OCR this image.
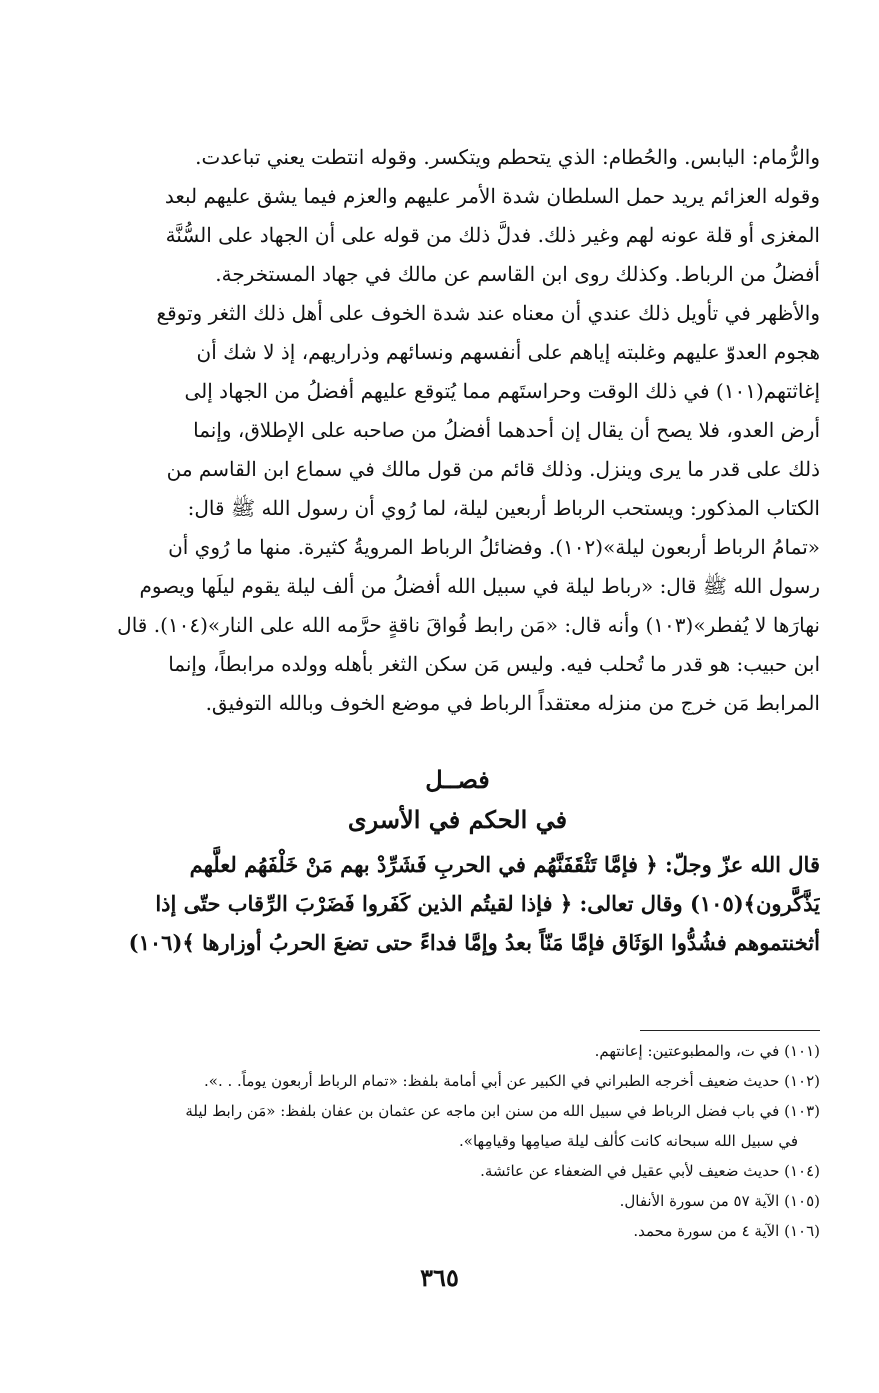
والرُّمام: اليابس. والحُطام: الذي يتحطم ويتكسر. وقوله انتطت يعني تباعدت.
وقوله العزائم يريد حمل السلطان شدة الأمر عليهم والعزم فيما يشق عليهم لبعد
المغزى أو قلة عونه لهم وغير ذلك. فدلَّ ذلك من قوله على أن الجهاد على السُّنَّة
أفضلُ من الرباط. وكذلك روى ابن القاسم عن مالك في جهاد المستخرجة.
والأظهر في تأويل ذلك عندي أن معناه عند شدة الخوف على أهل ذلك الثغر وتوقع
هجوم العدوّ عليهم وغلبته إياهم على أنفسهم ونسائهم وذراريهم، إذ لا شك أن
إغاثتهم(١٠١) في ذلك الوقت وحراستَهم مما يُتوقع عليهم أفضلُ من الجهاد إلى
أرض العدو، فلا يصح أن يقال إن أحدهما أفضلُ من صاحبه على الإطلاق، وإنما
ذلك على قدر ما يرى وينزل. وذلك قائم من قول مالك في سماع ابن القاسم من
الكتاب المذكور: ويستحب الرباط أربعين ليلة، لما رُوي أن رسول الله ﷺ قال:
«تمامُ الرباط أربعون ليلة»(١٠٢). وفضائلُ الرباط المرويةُ كثيرة. منها ما رُوي أن
رسول الله ﷺ قال: «رباط ليلة في سبيل الله أفضلُ من ألف ليلة يقوم ليلَها ويصوم
نهارَها لا يُفطر»(١٠٣) وأنه قال: «مَن رابط فُواقَ ناقةٍ حرَّمه الله على النار»(١٠٤). قال
ابن حبيب: هو قدر ما تُحلب فيه. وليس مَن سكن الثغر بأهله وولده مرابطاً، وإنما
المرابط مَن خرج من منزله معتقداً الرباط في موضع الخوف وبالله التوفيق.
فصــل
في الحكم في الأسرى
قال الله عزّ وجلّ: ﴿ فإمَّا تَثْقَفَنَّهُم في الحربِ فَشَرِّدْ بهم مَنْ خَلْفَهُم لعلَّهم
يَذَّكَّرون﴾(١٠٥) وقال تعالى: ﴿ فإذا لقيتُم الذين كَفَروا فَضَرْبَ الرِّقاب حتّى إذا
أثخنتموهم فشُدُّوا الوَثَاق فإمَّا مَنّاً بعدُ وإمَّا فداءً حتى تضعَ الحربُ أوزارها ﴾(١٠٦)
(١٠١) في ت، والمطبوعتين: إعانتهم.
(١٠٢) حديث ضعيف أخرجه الطبراني في الكبير عن أبي أمامة بلفظ: «تمام الرباط أربعون يوماً. . .».
(١٠٣) في باب فضل الرباط في سبيل الله من سنن ابن ماجه عن عثمان بن عفان بلفظ: «مَن رابط ليلة
في سبيل الله سبحانه كانت كألف ليلة صيامِها وقيامِها».
(١٠٤) حديث ضعيف لأبي عقيل في الضعفاء عن عائشة.
(١٠٥) الآية ٥٧ من سورة الأنفال.
(١٠٦) الآية ٤ من سورة محمد.
٣٦٥
